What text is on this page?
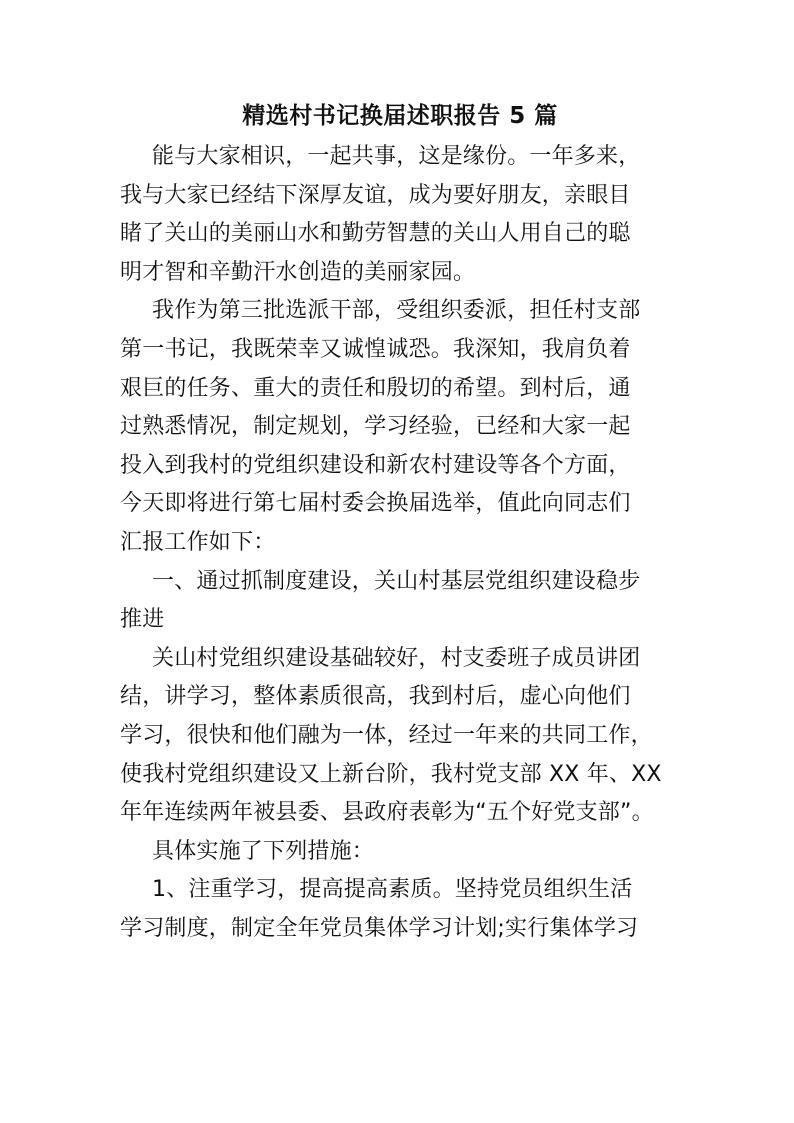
精选村书记换届述职报告 5 篇
能与大家相识，一起共事，这是缘份。一年多来，
我与大家已经结下深厚友谊，成为要好朋友，亲眼目
睹了关山的美丽山水和勤劳智慧的关山人用自己的聪
明才智和辛勤汗水创造的美丽家园。
我作为第三批选派干部，受组织委派，担任村支部
第一书记，我既荣幸又诚惶诚恐。我深知，我肩负着
艰巨的任务、重大的责任和殷切的希望。到村后，通
过熟悉情况，制定规划，学习经验，已经和大家一起
投入到我村的党组织建设和新农村建设等各个方面，
今天即将进行第七届村委会换届选举，值此向同志们
汇报工作如下：
一、通过抓制度建设，关山村基层党组织建设稳步
推进
关山村党组织建设基础较好，村支委班子成员讲团
结，讲学习，整体素质很高，我到村后，虚心向他们
学习，很快和他们融为一体，经过一年来的共同工作，
使我村党组织建设又上新台阶，我村党支部 XX 年、XX
年年连续两年被县委、县政府表彰为“五个好党支部”。
具体实施了下列措施：
1、注重学习，提高提高素质。坚持党员组织生活
学习制度，制定全年党员集体学习计划;实行集体学习
